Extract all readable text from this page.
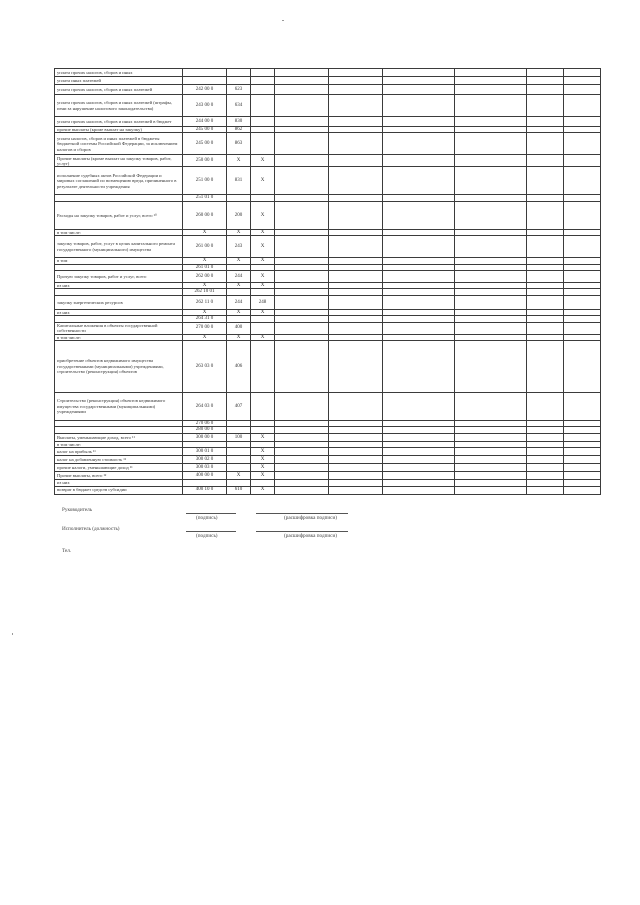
уплата прочих налогов, сборов и иных									
уплата иных платежей									
уплата прочих налогов, сборов и иных платежей	242 00 0	623							
уплата прочих налогов, сборов и иных платежей (штрафы, пени за нарушение налогового законодательства)	243 00 0	634							
уплата прочих налогов, сборов и иных платежей в бюджет	244 00 0	830							
прочие выплаты (кроме выплат на закупку)	245 00 0	862							
уплата налогов, сборов и иных платежей в бюджеты бюджетной системы Российской Федерации, за исключением налогов и сборов	245 00 0	863							
Прочие выплаты (кроме выплат на закупку товаров, работ, услуг)	250 00 0	X	X						
исполнение судебных актов Российской Федерации и мировых соглашений по возмещению вреда, причиненного в результате деятельности учреждения	251 00 0	831	X						
	251 01 0								
Расходы на закупку товаров, работ и услуг, всего ¹⁰	260 00 0	200	X						
в том числе:	X	X	X						
закупку товаров, работ, услуг в целях капитального ремонта государственного (муниципального) имущества	261 00 0	243	X						
в том	X	X	X						
	261 01 0								
Прочую закупку товаров, работ и услуг, всего	262 00 0	244	X						
из них	X	X	X						
	262 10 01								
закупку энергетических ресурсов	262 11 0	244	248						
из них	X	X	X						
	264 31 0								
Капитальные вложения в объекты государственной собственности	270 00 0	400							
в том числе:	X	X	X						
приобретение объектов недвижимого имущества государственными (муниципальными) учреждениями, строительство (реконструкция) объектов	263 03 0	406							
Строительство (реконструкция) объектов недвижимого имущества государственными (муниципальными) учреждениями	264 03 0	407							
	270 06 0								
	280 00 0								
Выплаты, уменьшающие доход, всего ¹¹	300 00 0	100	X						
в том числе:									
налог на прибыль ¹¹	300 01 0		X						
налог на добавленную стоимость ¹¹	300 02 0		X						
прочие налоги, уменьшающие доход ¹¹	300 03 0		X						
Прочие выплаты, всего ¹²	400 00 0	X	X						
из них									
возврат в бюджет средств субсидии	400 10 0	610	X						
Руководитель
(подпись)	(расшифровка подписи)
Исполнитель (должность)
(подпись)	(расшифровка подписи)
Тел.
